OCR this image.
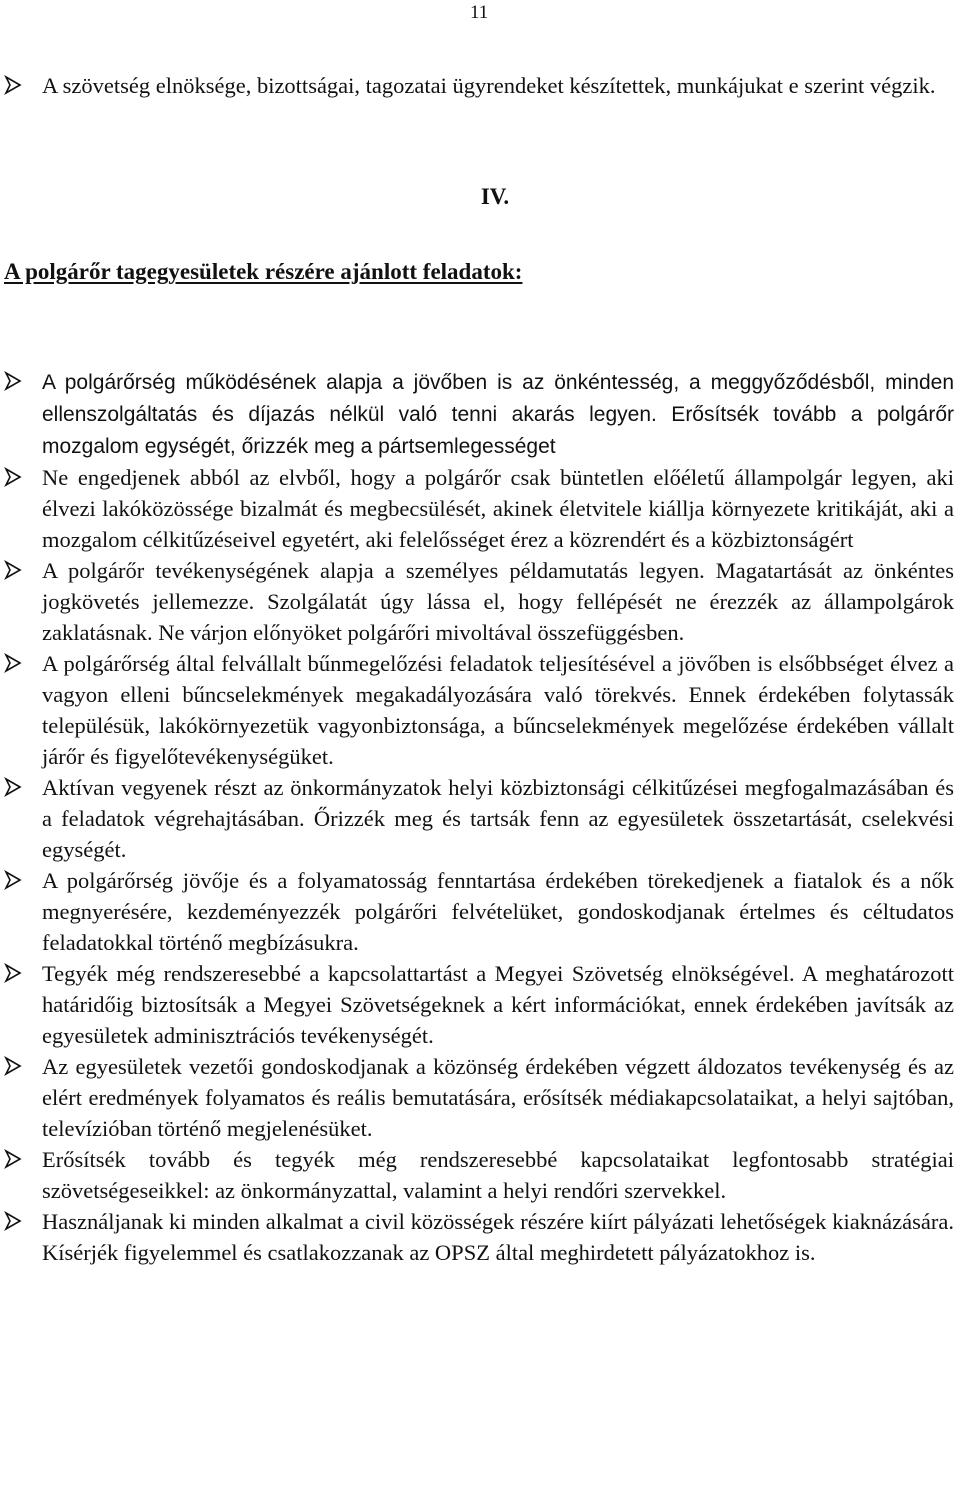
11
A szövetség elnöksége, bizottságai, tagozatai ügyrendeket készítettek, munkájukat e szerint végzik.
IV.
A polgárőr tagegyesületek részére ajánlott feladatok:
A polgárőrség működésének alapja a jövőben is az önkéntesség, a meggyőződésből, minden ellenszolgáltatás és díjazás nélkül való tenni akarás legyen. Erősítsék tovább a polgárőr mozgalom egységét, őrizzék meg a pártsemlegességet
Ne engedjenek abból az elvből, hogy a polgárőr csak büntetlen előéletű állampolgár legyen, aki élvezi lakóközössége bizalmát és megbecsülését, akinek életvitele kiállja környezete kritikáját, aki a mozgalom célkitűzéseivel egyetért, aki felelősséget érez a közrendért és a közbiztonságért
A polgárőr tevékenységének alapja a személyes példamutatás legyen. Magatartását az önkéntes jogkövetés jellemezze. Szolgálatát úgy lássa el, hogy fellépését ne érezzék az állampolgárok zaklatásnak. Ne várjon előnyöket polgárőri mivoltával összefüggésben.
A polgárőrség által felvállalt bűnmegelőzési feladatok teljesítésével a jövőben is elsőbbséget élvez a vagyon elleni bűncselekmények megakadályozására való törekvés. Ennek érdekében folytassák településük, lakókörnyezetük vagyonbiztonsága, a bűncselekmények megelőzése érdekében vállalt járőr és figyelőtevékenységüket.
Aktívan vegyenek részt az önkormányzatok helyi közbiztonsági célkitűzései megfogalmazásában és a feladatok végrehajtásában. Őrizzék meg és tartsák fenn az egyesületek összetartását, cselekvési egységét.
A polgárőrség jövője és a folyamatosság fenntartása érdekében törekedjenek a fiatalok és a nők megnyerésére, kezdeményezzék polgárőri felvételüket, gondoskodjanak értelmes és céltudatos feladatokkal történő megbízásukra.
Tegyék még rendszeresebbé a kapcsolattartást a Megyei Szövetség elnökségével. A meghatározott határidőig biztosítsák a Megyei Szövetségeknek a kért információkat, ennek érdekében javítsák az egyesületek adminisztrációs tevékenységét.
Az egyesületek vezetői gondoskodjanak a közönség érdekében végzett áldozatos tevékenység és az elért eredmények folyamatos és reális bemutatására, erősítsék médiakapcsolataikat, a helyi sajtóban, televízióban történő megjelenésüket.
Erősítsék tovább és tegyék még rendszeresebbé kapcsolataikat legfontosabb stratégiai szövetségeseikkel: az önkormányzattal, valamint a helyi rendőri szervekkel.
Használjanak ki minden alkalmat a civil közösségek részére kiírt pályázati lehetőségek kiaknázására. Kísérjék figyelemmel és csatlakozzanak az OPSZ által meghirdetett pályázatokhoz is.
